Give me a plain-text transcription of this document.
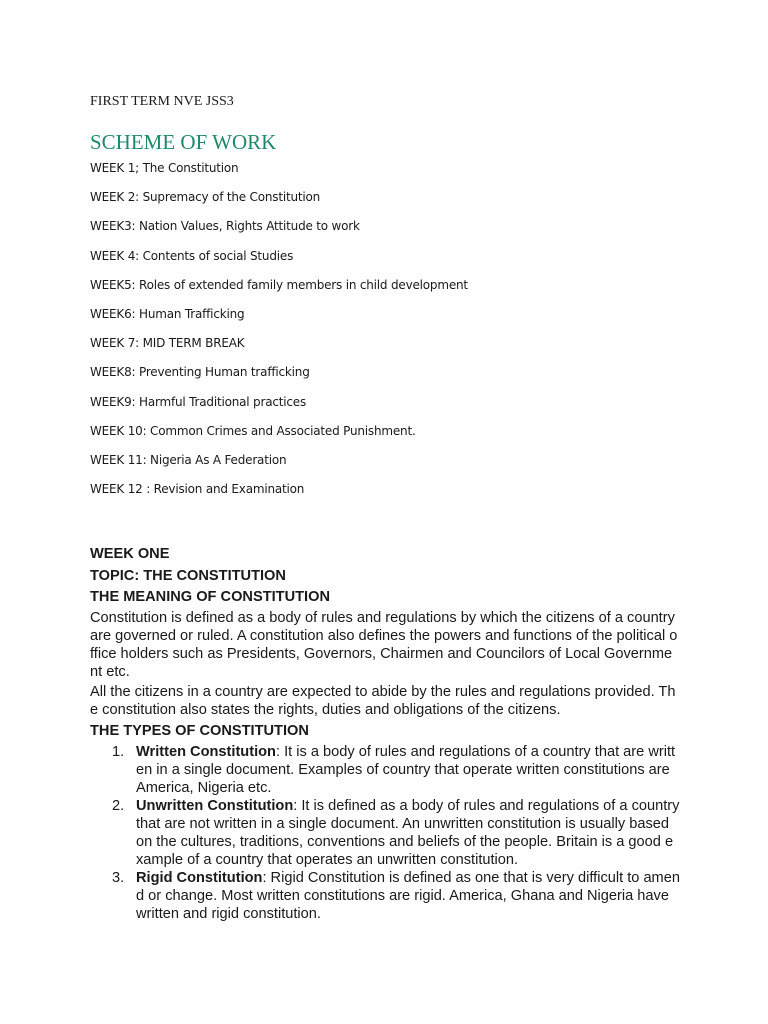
FIRST TERM NVE JSS3
SCHEME OF WORK
WEEK 1; The Constitution
WEEK 2: Supremacy of the Constitution
WEEK3: Nation Values, Rights Attitude to work
WEEK 4: Contents of social Studies
WEEK5: Roles of extended family members in child development
WEEK6: Human Trafficking
WEEK 7: MID TERM BREAK
WEEK8: Preventing Human trafficking
WEEK9: Harmful Traditional practices
WEEK 10: Common Crimes and Associated Punishment.
WEEK 11: Nigeria As A Federation
WEEK 12 : Revision and Examination

WEEK ONE

TOPIC: THE CONSTITUTION

THE MEANING OF CONSTITUTION

Constitution is defined as a body of rules and regulations by which the citizens of a country are governed or ruled. A constitution also defines the powers and functions of the political office holders such as Presidents, Governors, Chairmen and Councilors of Local Government etc.

All the citizens in a country are expected to abide by the rules and regulations provided. The constitution also states the rights, duties and obligations of the citizens.

THE TYPES OF CONSTITUTION

1. Written Constitution: It is a body of rules and regulations of a country that are written in a single document. Examples of country that operate written constitutions are America, Nigeria etc.
2. Unwritten Constitution: It is defined as a body of rules and regulations of a country that are not written in a single document. An unwritten constitution is usually based on the cultures, traditions, conventions and beliefs of the people. Britain is a good example of a country that operates an unwritten constitution.
3. Rigid Constitution: Rigid Constitution is defined as one that is very difficult to amend or change. Most written constitutions are rigid. America, Ghana and Nigeria have written and rigid constitution.
